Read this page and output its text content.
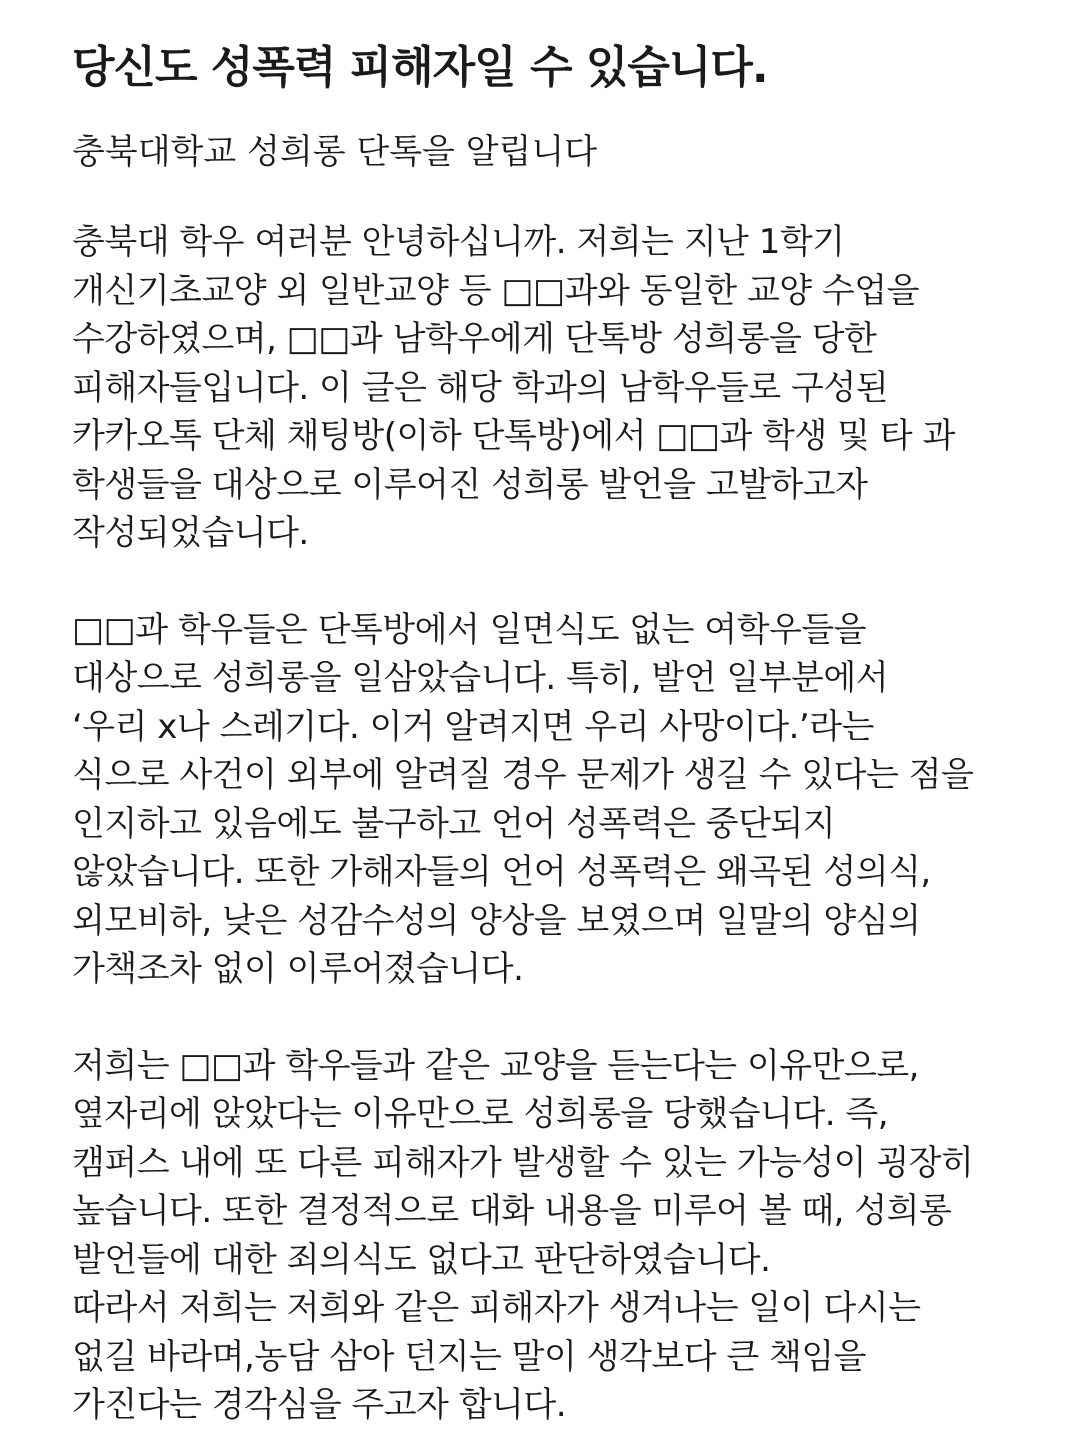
당신도 성폭력 피해자일 수 있습니다.

충북대학교 성희롱 단톡을 알립니다

충북대 학우 여러분 안녕하십니까. 저희는 지난 1학기
개신기초교양 외 일반교양 등 □□과와 동일한 교양 수업을
수강하였으며, □□과 남학우에게 단톡방 성희롱을 당한
피해자들입니다. 이 글은 해당 학과의 남학우들로 구성된
카카오톡 단체 채팅방(이하 단톡방)에서 □□과 학생 및 타 과
학생들을 대상으로 이루어진 성희롱 발언을 고발하고자
작성되었습니다.
□□과 학우들은 단톡방에서 일면식도 없는 여학우들을
대상으로 성희롱을 일삼았습니다. 특히, 발언 일부분에서
‘우리 x나 스레기다. 이거 알려지면 우리 사망이다.’라는
식으로 사건이 외부에 알려질 경우 문제가 생길 수 있다는 점을
인지하고 있음에도 불구하고 언어 성폭력은 중단되지
않았습니다. 또한 가해자들의 언어 성폭력은 왜곡된 성의식,
외모비하, 낮은 성감수성의 양상을 보였으며 일말의 양심의
가책조차 없이 이루어졌습니다.
저희는 □□과 학우들과 같은 교양을 듣는다는 이유만으로,
옆자리에 앉았다는 이유만으로 성희롱을 당했습니다. 즉,
캠퍼스 내에 또 다른 피해자가 발생할 수 있는 가능성이 굉장히
높습니다. 또한 결정적으로 대화 내용을 미루어 볼 때, 성희롱
발언들에 대한 죄의식도 없다고 판단하였습니다.
따라서 저희는 저희와 같은 피해자가 생겨나는 일이 다시는
없길 바라며,농담 삼아 던지는 말이 생각보다 큰 책임을
가진다는 경각심을 주고자 합니다.
